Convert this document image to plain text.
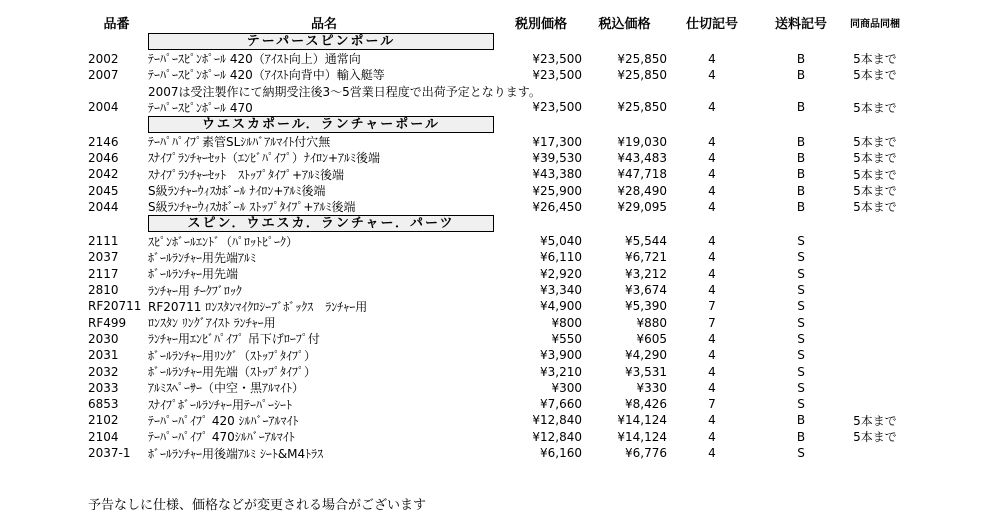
品番	品名	税別価格	税込価格	仕切記号	送料記号	同商品同梱
テーパースピンポール
2002	ﾃｰﾊﾟｰｽﾋﾟﾝﾎﾟｰﾙ 420（ｱｲｽﾄ向上）通常向	¥23,500	¥25,850	4	B	5本まで
2007	ﾃｰﾊﾟｰｽﾋﾟﾝﾎﾟｰﾙ 420（ｱｲｽﾄ向背中）輸入艇等	¥23,500	¥25,850	4	B	5本まで
2007は受注製作にて納期受注後3～5営業日程度で出荷予定となります。
2004	ﾃｰﾊﾟｰｽﾋﾟﾝﾎﾟｰﾙ 470	¥23,500	¥25,850	4	B	5本まで
ウエスカポール．ランチャーポール
2146	ﾃｰﾊﾟﾊﾟｲﾌﾟ素管SLｼﾙﾊﾞｱﾙﾏｲﾄ付穴無	¥17,300	¥19,030	4	B	5本まで
2046	ｽﾅｲﾌﾟﾗﾝﾁｬｰｾｯﾄ（ｴﾝﾋﾞﾊﾟｲﾌﾟ）ﾅｲﾛﾝ+ｱﾙﾐ後端	¥39,530	¥43,483	4	B	5本まで
2042	ｽﾅｲﾌﾟﾗﾝﾁｬｰｾｯﾄ　ｽﾄｯﾌﾟﾀｲﾌﾟ+ｱﾙﾐ後端	¥43,380	¥47,718	4	B	5本まで
2045	S級ﾗﾝﾁｬｰｳｨｽｶﾎﾞｰﾙ ﾅｲﾛﾝ+ｱﾙﾐ後端	¥25,900	¥28,490	4	B	5本まで
2044	S級ﾗﾝﾁｬｰｳｨｽｶﾎﾞｰﾙ ｽﾄｯﾌﾟﾀｲﾌﾟ+ｱﾙﾐ後端	¥26,450	¥29,095	4	B	5本まで
スピン．ウエスカ．ランチャー．パーツ
2111	ｽﾋﾟﾝﾎﾞｰﾙｴﾝﾄﾞ（ﾊﾟﾛｯﾄﾋﾟｰｸ）	¥5,040	¥5,544	4	S
2037	ﾎﾞｰﾙﾗﾝﾁｬｰ用先端ｱﾙﾐ	¥6,110	¥6,721	4	S
2117	ﾎﾞｰﾙﾗﾝﾁｬｰ用先端	¥2,920	¥3,212	4	S
2810	ﾗﾝﾁｬｰ用 ﾁｰｸﾌﾞﾛｯｸ	¥3,340	¥3,674	4	S
RF20711 RF20711 ﾛﾝｽﾀﾝﾏｲｸﾛｼｰﾌﾞﾎﾞｯｸｽ　ﾗﾝﾁｬｰ用	¥4,900	¥5,390	7	S
RF499	ﾛﾝｽﾀﾝ ﾘﾝｸﾞｱｲｽﾄ ﾗﾝﾁｬｰ用	¥800	¥880	7	S
2030	ﾗﾝﾁｬｰ用ｴﾝﾋﾞﾊﾟｲﾌﾟ 吊下げﾛｰﾌﾟ付	¥550	¥605	4	S
2031	ﾎﾞｰﾙﾗﾝﾁｬｰ用ﾘﾝｸﾞ（ｽﾄｯﾌﾟﾀｲﾌﾟ）	¥3,900	¥4,290	4	S
2032	ﾎﾞｰﾙﾗﾝﾁｬｰ用先端（ｽﾄｯﾌﾟﾀｲﾌﾟ）	¥3,210	¥3,531	4	S
2033	ｱﾙﾐｽﾍﾟｰｻｰ（中空・黒ｱﾙﾏｲﾄ）	¥300	¥330	4	S
6853	ｽﾅｲﾌﾟﾎﾞｰﾙﾗﾝﾁｬｰ用ﾃｰﾊﾟｰｼｰﾄ	¥7,660	¥8,426	7	S
2102	ﾃｰﾊﾟｰﾊﾟｲﾌﾟ 420 ｼﾙﾊﾞｰｱﾙﾏｲﾄ	¥12,840	¥14,124	4	B	5本まで
2104	ﾃｰﾊﾟｰﾊﾟｲﾌﾟ 470ｼﾙﾊﾞｰｱﾙﾏｲﾄ	¥12,840	¥14,124	4	B	5本まで
2037-1	ﾎﾞｰﾙﾗﾝﾁｬｰ用後端ｱﾙﾐ ｼｰﾄ&M4ﾄﾗｽ	¥6,160	¥6,776	4	S
予告なしに仕様、価格などが変更される場合がございます
